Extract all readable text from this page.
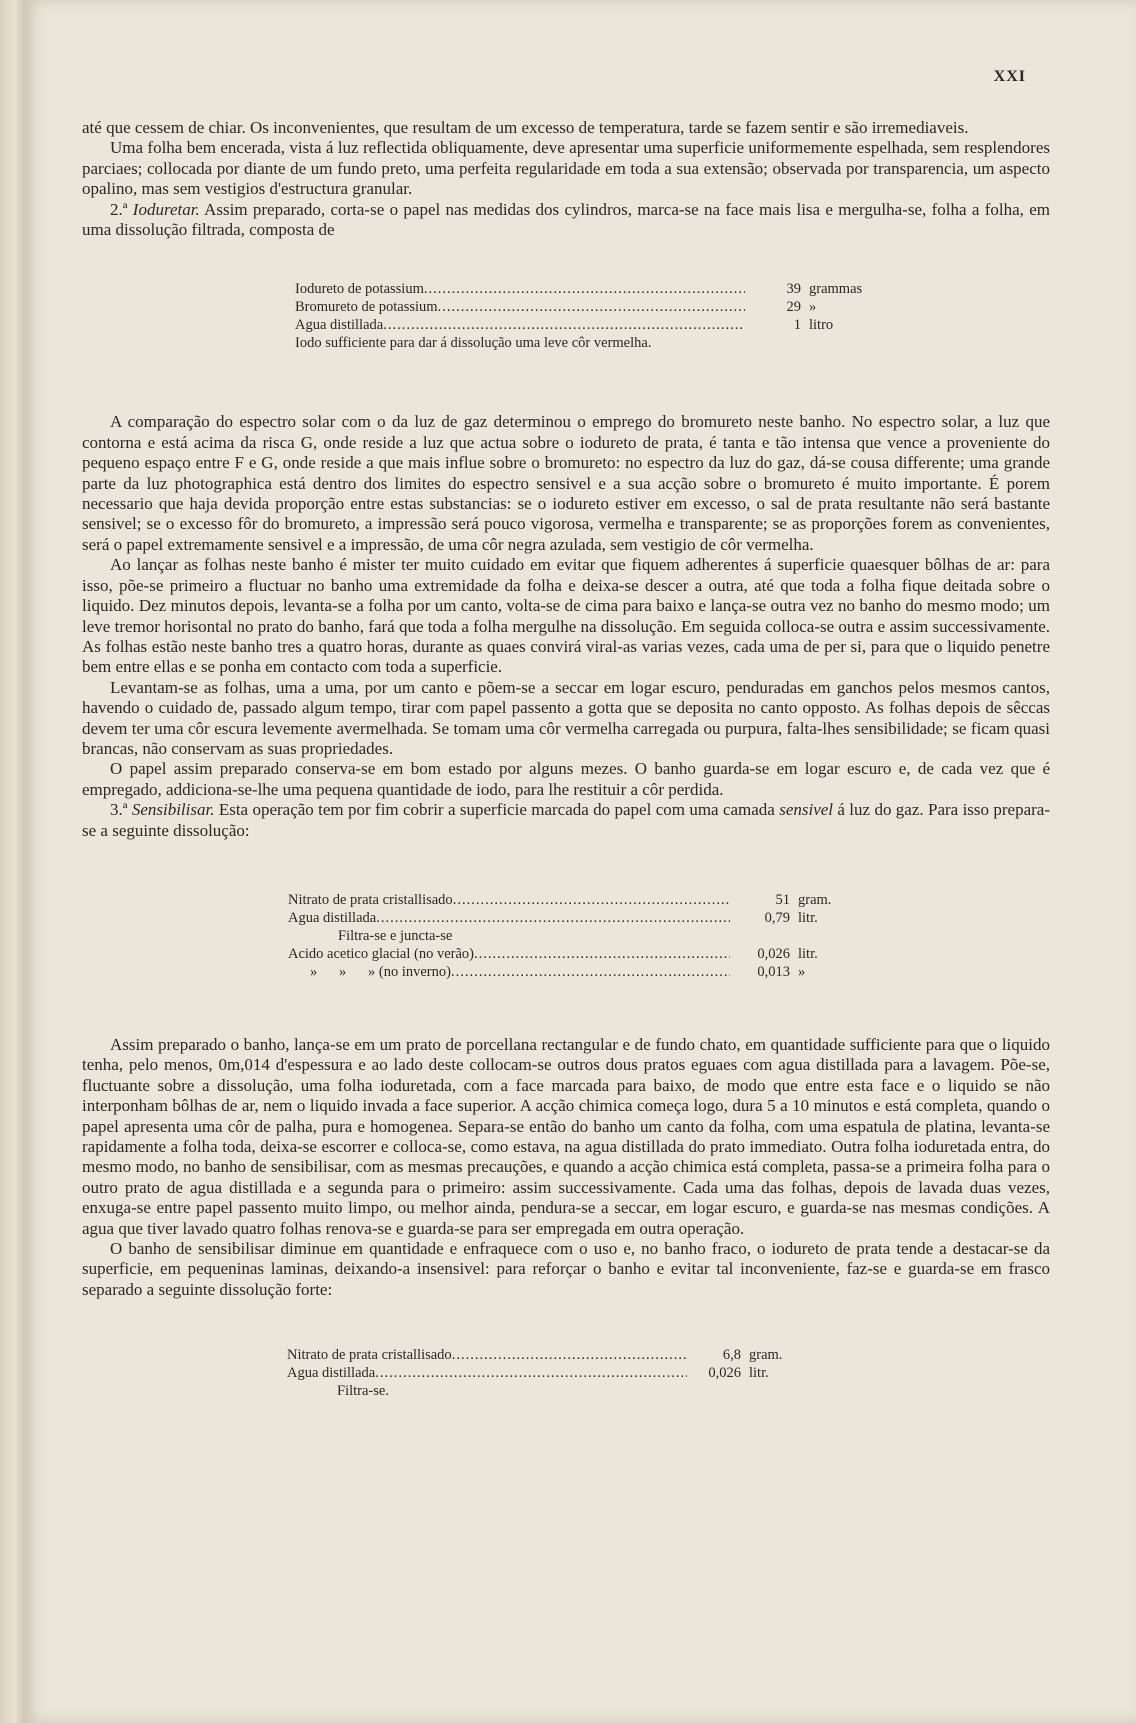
XXI

até que cessem de chiar. Os inconvenientes, que resultam de um excesso de temperatura, tarde se fazem sentir e são irremediaveis.

Uma folha bem encerada, vista á luz reflectida obliquamente, deve apresentar uma superficie uniformemente espelhada, sem resplendores parciaes; collocada por diante de um fundo preto, uma perfeita regularidade em toda a sua extensão; observada por transparencia, um aspecto opalino, mas sem vestigios d'estructura granular.

2.ª Ioduretar. Assim preparado, corta-se o papel nas medidas dos cylindros, marca-se na face mais lisa e mergulha-se, folha a folha, em uma dissolução filtrada, composta de

Iodureto de potassium .....	39 grammas
Bromureto de potassium .....	29 »
Agua distillada .....	1 litro
Iodo sufficiente para dar á dissolução uma leve côr vermelha.

A comparação do espectro solar com o da luz de gaz determinou o emprego do bromureto neste banho. No espectro solar, a luz que contorna e está acima da risca G, onde reside a luz que actua sobre o iodureto de prata, é tanta e tão intensa que vence a proveniente do pequeno espaço entre F e G, onde reside a que mais influe sobre o bromureto: no espectro da luz do gaz, dá-se cousa differente; uma grande parte da luz photographica está dentro dos limites do espectro sensivel e a sua acção sobre o bromureto é muito importante. É porem necessario que haja devida proporção entre estas substancias: se o iodureto estiver em excesso, o sal de prata resultante não será bastante sensivel; se o excesso fôr do bromureto, a impressão será pouco vigorosa, vermelha e transparente; se as proporções forem as convenientes, será o papel extremamente sensivel e a impressão, de uma côr negra azulada, sem vestigio de côr vermelha.

Ao lançar as folhas neste banho é mister ter muito cuidado em evitar que fiquem adherentes á superficie quaesquer bôlhas de ar: para isso, põe-se primeiro a fluctuar no banho uma extremidade da folha e deixa-se descer a outra, até que toda a folha fique deitada sobre o liquido. Dez minutos depois, levanta-se a folha por um canto, volta-se de cima para baixo e lança-se outra vez no banho do mesmo modo; um leve tremor horisontal no prato do banho, fará que toda a folha mergulhe na dissolução. Em seguida colloca-se outra e assim successivamente. As folhas estão neste banho tres a quatro horas, durante as quaes convirá viral-as varias vezes, cada uma de per si, para que o liquido penetre bem entre ellas e se ponha em contacto com toda a superficie.

Levantam-se as folhas, uma a uma, por um canto e põem-se a seccar em logar escuro, penduradas em ganchos pelos mesmos cantos, havendo o cuidado de, passado algum tempo, tirar com papel passento a gotta que se deposita no canto opposto. As folhas depois de sêccas devem ter uma côr escura levemente avermelhada. Se tomam uma côr vermelha carregada ou purpura, falta-lhes sensibilidade; se ficam quasi brancas, não conservam as suas propriedades.

O papel assim preparado conserva-se em bom estado por alguns mezes. O banho guarda-se em logar escuro e, de cada vez que é empregado, addiciona-se-lhe uma pequena quantidade de iodo, para lhe restituir a côr perdida.

3.ª Sensibilisar. Esta operação tem por fim cobrir a superficie marcada do papel com uma camada sensivel á luz do gaz. Para isso prepara-se a seguinte dissolução:

Nitrato de prata cristallisado .....	51 gram.
Agua distillada .....	0,79 litr.
Filtra-se e juncta-se
Acido acetico glacial (no verão) .....	0,026 litr.
»      »      » (no inverno) .....	0,013 »

Assim preparado o banho, lança-se em um prato de porcellana rectangular e de fundo chato, em quantidade sufficiente para que o liquido tenha, pelo menos, 0m,014 d'espessura e ao lado deste collocam-se outros dous pratos eguaes com agua distillada para a lavagem. Põe-se, fluctuante sobre a dissolução, uma folha ioduretada, com a face marcada para baixo, de modo que entre esta face e o liquido se não interponham bôlhas de ar, nem o liquido invada a face superior. A acção chimica começa logo, dura 5 a 10 minutos e está completa, quando o papel apresenta uma côr de palha, pura e homogenea. Separa-se então do banho um canto da folha, com uma espatula de platina, levanta-se rapidamente a folha toda, deixa-se escorrer e colloca-se, como estava, na agua distillada do prato immediato. Outra folha ioduretada entra, do mesmo modo, no banho de sensibilisar, com as mesmas precauções, e quando a acção chimica está completa, passa-se a primeira folha para o outro prato de agua distillada e a segunda para o primeiro: assim successivamente. Cada uma das folhas, depois de lavada duas vezes, enxuga-se entre papel passento muito limpo, ou melhor ainda, pendura-se a seccar, em logar escuro, e guarda-se nas mesmas condições. A agua que tiver lavado quatro folhas renova-se e guarda-se para ser empregada em outra operação.

O banho de sensibilisar diminue em quantidade e enfraquece com o uso e, no banho fraco, o iodureto de prata tende a destacar-se da superficie, em pequeninas laminas, deixando-a insensivel: para reforçar o banho e evitar tal inconveniente, faz-se e guarda-se em frasco separado a seguinte dissolução forte:

Nitrato de prata cristallisado .....	6,8 gram.
Agua distillada .....	0,026 litr.
Filtra-se.
